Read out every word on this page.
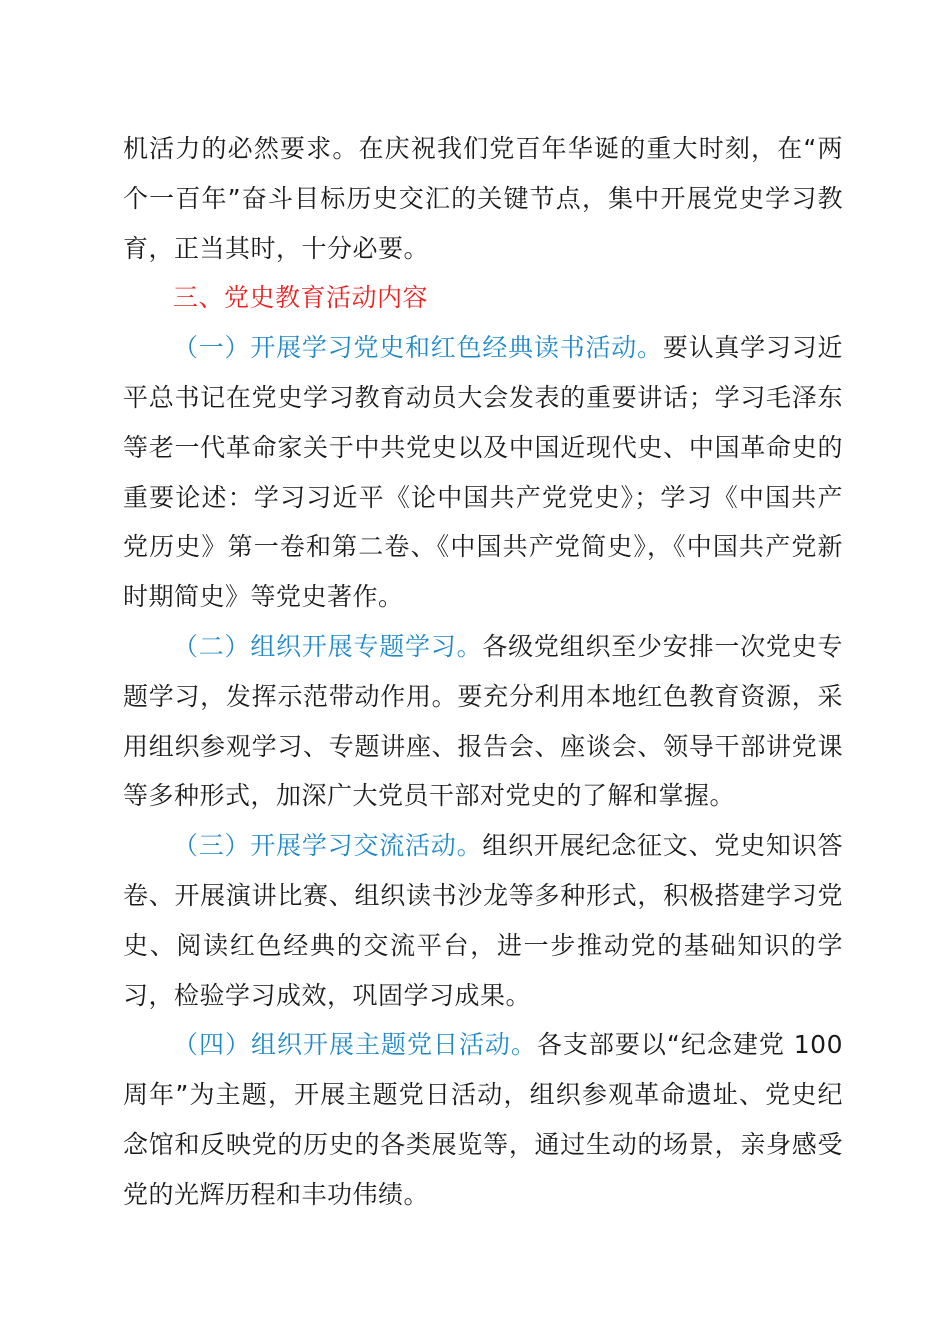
机活力的必然要求。在庆祝我们党百年华诞的重大时刻，在“两个一百年”奋斗目标历史交汇的关键节点，集中开展党史学习教育，正当其时，十分必要。

三、党史教育活动内容

（一）开展学习党史和红色经典读书活动。要认真学习习近平总书记在党史学习教育动员大会发表的重要讲话；学习毛泽东等老一代革命家关于中共党史以及中国近现代史、中国革命史的重要论述：学习习近平《论中国共产党党史》；学习《中国共产党历史》第一卷和第二卷、《中国共产党简史》，《中国共产党新时期简史》等党史著作。

（二）组织开展专题学习。各级党组织至少安排一次党史专题学习，发挥示范带动作用。要充分利用本地红色教育资源，采用组织参观学习、专题讲座、报告会、座谈会、领导干部讲党课等多种形式，加深广大党员干部对党史的了解和掌握。

（三）开展学习交流活动。组织开展纪念征文、党史知识答卷、开展演讲比赛、组织读书沙龙等多种形式，积极搭建学习党史、阅读红色经典的交流平台，进一步推动党的基础知识的学习，检验学习成效，巩固学习成果。

（四）组织开展主题党日活动。各支部要以“纪念建党 100 周年”为主题，开展主题党日活动，组织参观革命遗址、党史纪念馆和反映党的历史的各类展览等，通过生动的场景，亲身感受党的光辉历程和丰功伟绩。
